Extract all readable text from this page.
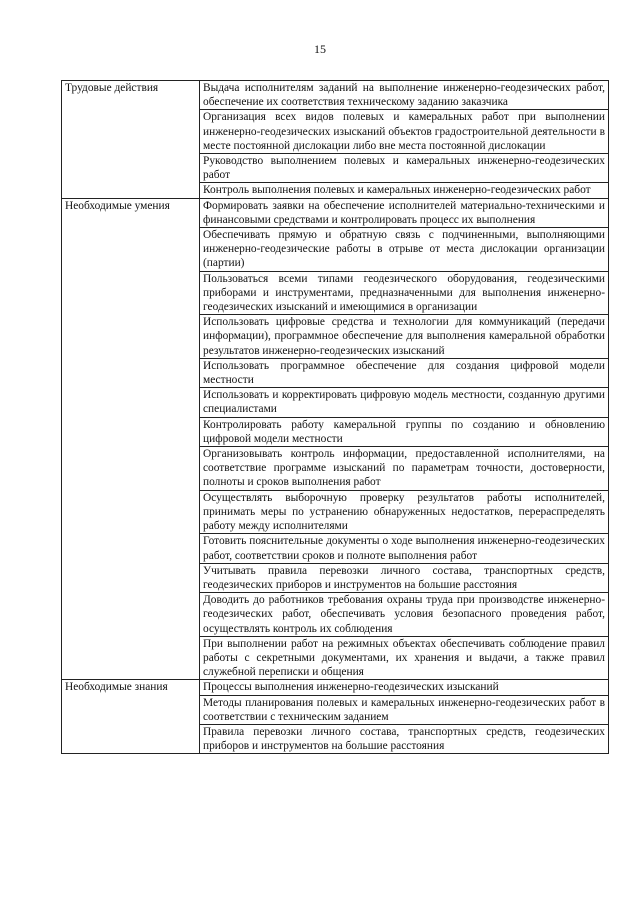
15
Трудовые действия	Выдача исполнителям заданий на выполнение инженерно-геодезических работ, обеспечение их соответствия техническому заданию заказчика
	Организация всех видов полевых и камеральных работ при выполнении инженерно-геодезических изысканий объектов градостроительной деятельности в месте постоянной дислокации либо вне места постоянной дислокации
	Руководство выполнением полевых и камеральных инженерно-геодезических работ
	Контроль выполнения полевых и камеральных инженерно-геодезических работ
Необходимые умения	Формировать заявки на обеспечение исполнителей материально-техническими и финансовыми средствами и контролировать процесс их выполнения
	Обеспечивать прямую и обратную связь с подчиненными, выполняющими инженерно-геодезические работы в отрыве от места дислокации организации (партии)
	Пользоваться всеми типами геодезического оборудования, геодезическими приборами и инструментами, предназначенными для выполнения инженерно-геодезических изысканий и имеющимися в организации
	Использовать цифровые средства и технологии для коммуникаций (передачи информации), программное обеспечение для выполнения камеральной обработки результатов инженерно-геодезических изысканий
	Использовать программное обеспечение для создания цифровой модели местности
	Использовать и корректировать цифровую модель местности, созданную другими специалистами
	Контролировать работу камеральной группы по созданию и обновлению цифровой модели местности
	Организовывать контроль информации, предоставленной исполнителями, на соответствие программе изысканий по параметрам точности, достоверности, полноты и сроков выполнения работ
	Осуществлять выборочную проверку результатов работы исполнителей, принимать меры по устранению обнаруженных недостатков, перераспределять работу между исполнителями
	Готовить пояснительные документы о ходе выполнения инженерно-геодезических работ, соответствии сроков и полноте выполнения работ
	Учитывать правила перевозки личного состава, транспортных средств, геодезических приборов и инструментов на большие расстояния
	Доводить до работников требования охраны труда при производстве инженерно-геодезических работ, обеспечивать условия безопасного проведения работ, осуществлять контроль их соблюдения
	При выполнении работ на режимных объектах обеспечивать соблюдение правил работы с секретными документами, их хранения и выдачи, а также правил служебной переписки и общения
Необходимые знания	Процессы выполнения инженерно-геодезических изысканий
	Методы планирования полевых и камеральных инженерно-геодезических работ в соответствии с техническим заданием
	Правила перевозки личного состава, транспортных средств, геодезических приборов и инструментов на большие расстояния
